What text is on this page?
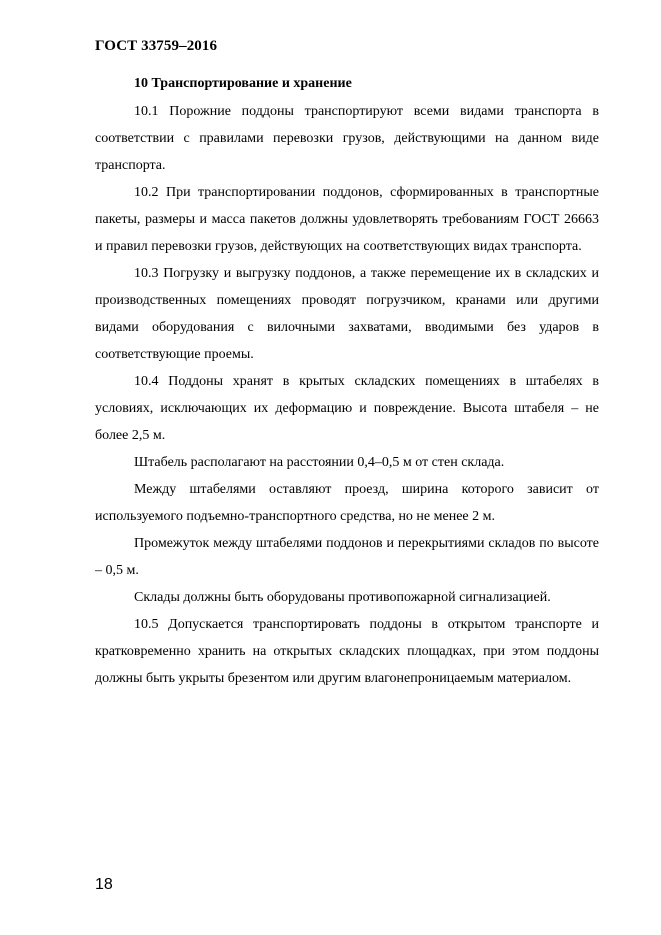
ГОСТ 33759–2016
10 Транспортирование и хранение

10.1 Порожние поддоны транспортируют всеми видами транспорта в соответствии с правилами перевозки грузов, действующими на данном виде транспорта.

10.2 При транспортировании поддонов, сформированных в транспортные пакеты, размеры и масса пакетов должны удовлетворять требованиям ГОСТ 26663 и правил перевозки грузов, действующих на соответствующих видах транспорта.

10.3 Погрузку и выгрузку поддонов, а также перемещение их в складских и производственных помещениях проводят погрузчиком, кранами или другими видами оборудования с вилочными захватами, вводимыми без ударов в соответствующие проемы.

10.4 Поддоны хранят в крытых складских помещениях в штабелях в условиях, исключающих их деформацию и повреждение. Высота штабеля – не более 2,5 м.

Штабель располагают на расстоянии 0,4–0,5 м от стен склада.

Между штабелями оставляют проезд, ширина которого зависит от используемого подъемно-транспортного средства, но не менее 2 м.

Промежуток между штабелями поддонов и перекрытиями складов по высоте – 0,5 м.

Склады должны быть оборудованы противопожарной сигнализацией.

10.5 Допускается транспортировать поддоны в открытом транспорте и кратковременно хранить на открытых складских площадках, при этом поддоны должны быть укрыты брезентом или другим влагонепроницаемым материалом.

18
